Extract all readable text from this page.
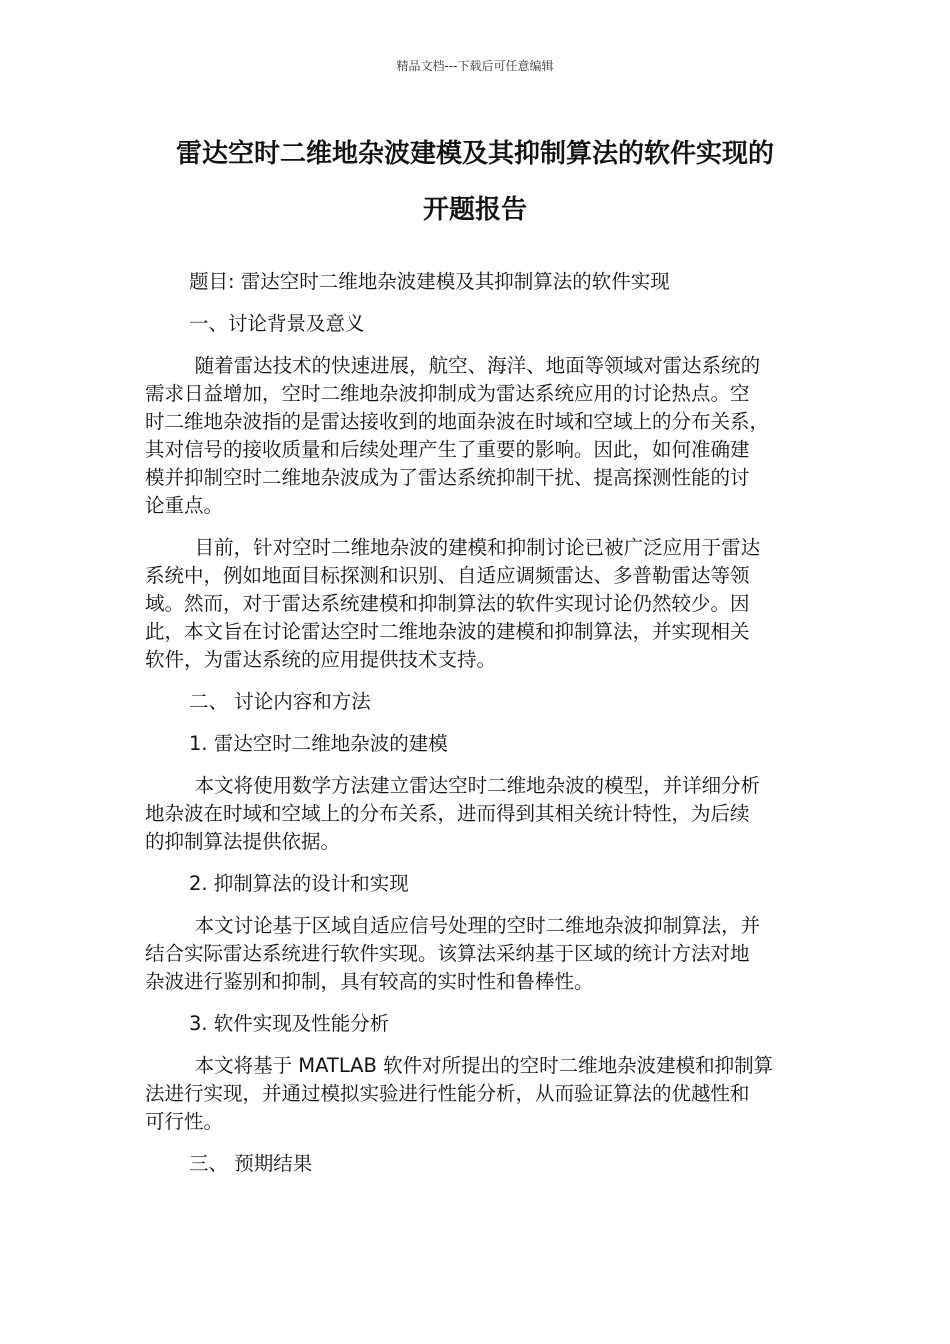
精品文档---下载后可任意编辑
雷达空时二维地杂波建模及其抑制算法的软件实现的
开题报告

题目: 雷达空时二维地杂波建模及其抑制算法的软件实现

一、讨论背景及意义

随着雷达技术的快速进展，航空、海洋、地面等领域对雷达系统的
需求日益增加，空时二维地杂波抑制成为雷达系统应用的讨论热点。空
时二维地杂波指的是雷达接收到的地面杂波在时域和空域上的分布关系，
其对信号的接收质量和后续处理产生了重要的影响。因此，如何准确建
模并抑制空时二维地杂波成为了雷达系统抑制干扰、提高探测性能的讨
论重点。
目前，针对空时二维地杂波的建模和抑制讨论已被广泛应用于雷达
系统中，例如地面目标探测和识别、自适应调频雷达、多普勒雷达等领
域。然而，对于雷达系统建模和抑制算法的软件实现讨论仍然较少。因
此，本文旨在讨论雷达空时二维地杂波的建模和抑制算法，并实现相关
软件，为雷达系统的应用提供技术支持。

二、 讨论内容和方法

1. 雷达空时二维地杂波的建模

本文将使用数学方法建立雷达空时二维地杂波的模型，并详细分析
地杂波在时域和空域上的分布关系，进而得到其相关统计特性，为后续
的抑制算法提供依据。

2. 抑制算法的设计和实现

本文讨论基于区域自适应信号处理的空时二维地杂波抑制算法，并
结合实际雷达系统进行软件实现。该算法采纳基于区域的统计方法对地
杂波进行鉴别和抑制，具有较高的实时性和鲁棒性。

3. 软件实现及性能分析

本文将基于 MATLAB 软件对所提出的空时二维地杂波建模和抑制算
法进行实现，并通过模拟实验进行性能分析，从而验证算法的优越性和
可行性。

三、 预期结果
